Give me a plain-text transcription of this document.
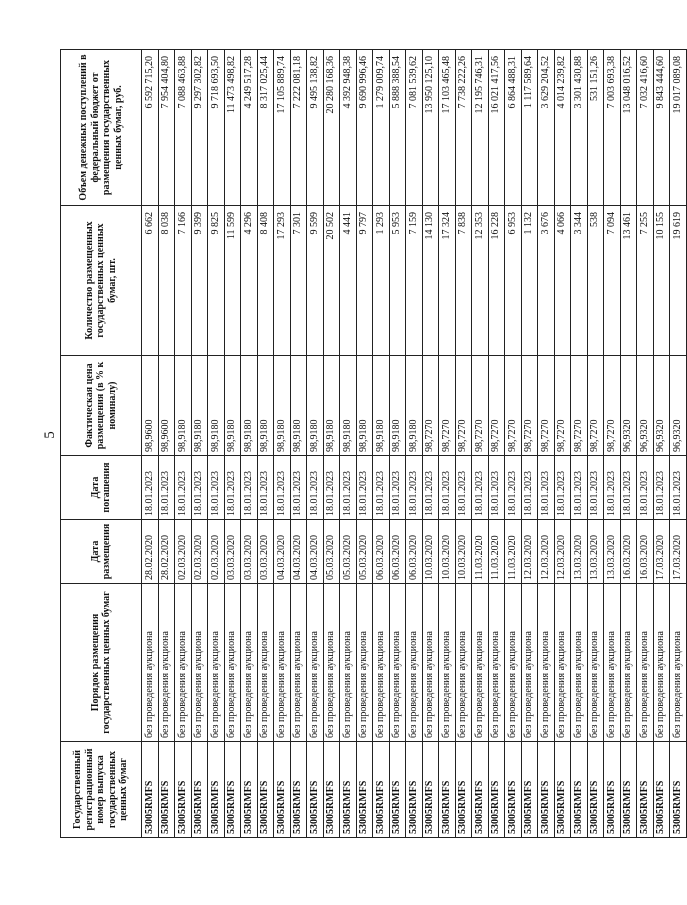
5
Государственный регистрационный номер выпуска государственных ценных бумаг	Порядок размещения государственных ценных бумаг	Дата размещения	Дата погашения	Фактическая цена размещения (в % к номиналу)	Количество размещенных государственных ценных бумаг, шт.	Объем денежных поступлений в федеральный бюджет от размещения государственных ценных бумаг, руб.
53005RMFS	без проведения аукциона	28.02.2020	18.01.2023	98,9600	6 662	6 592 715,20
53005RMFS	без проведения аукциона	28.02.2020	18.01.2023	98,9600	8 038	7 954 404,80
53005RMFS	без проведения аукциона	02.03.2020	18.01.2023	98,9180	7 166	7 088 463,88
53005RMFS	без проведения аукциона	02.03.2020	18.01.2023	98,9180	9 399	9 297 302,82
53005RMFS	без проведения аукциона	02.03.2020	18.01.2023	98,9180	9 825	9 718 693,50
53005RMFS	без проведения аукциона	03.03.2020	18.01.2023	98,9180	11 599	11 473 498,82
53005RMFS	без проведения аукциона	03.03.2020	18.01.2023	98,9180	4 296	4 249 517,28
53005RMFS	без проведения аукциона	03.03.2020	18.01.2023	98,9180	8 408	8 317 025,44
53005RMFS	без проведения аукциона	04.03.2020	18.01.2023	98,9180	17 293	17 105 889,74
53005RMFS	без проведения аукциона	04.03.2020	18.01.2023	98,9180	7 301	7 222 081,18
53005RMFS	без проведения аукциона	04.03.2020	18.01.2023	98,9180	9 599	9 495 138,82
53005RMFS	без проведения аукциона	05.03.2020	18.01.2023	98,9180	20 502	20 280 168,36
53005RMFS	без проведения аукциона	05.03.2020	18.01.2023	98,9180	4 441	4 392 948,38
53005RMFS	без проведения аукциона	05.03.2020	18.01.2023	98,9180	9 797	9 690 996,46
53005RMFS	без проведения аукциона	06.03.2020	18.01.2023	98,9180	1 293	1 279 009,74
53005RMFS	без проведения аукциона	06.03.2020	18.01.2023	98,9180	5 953	5 888 388,54
53005RMFS	без проведения аукциона	06.03.2020	18.01.2023	98,9180	7 159	7 081 539,62
53005RMFS	без проведения аукциона	10.03.2020	18.01.2023	98,7270	14 130	13 950 125,10
53005RMFS	без проведения аукциона	10.03.2020	18.01.2023	98,7270	17 324	17 103 465,48
53005RMFS	без проведения аукциона	10.03.2020	18.01.2023	98,7270	7 838	7 738 222,26
53005RMFS	без проведения аукциона	11.03.2020	18.01.2023	98,7270	12 353	12 195 746,31
53005RMFS	без проведения аукциона	11.03.2020	18.01.2023	98,7270	16 228	16 021 417,56
53005RMFS	без проведения аукциона	11.03.2020	18.01.2023	98,7270	6 953	6 864 488,31
53005RMFS	без проведения аукциона	12.03.2020	18.01.2023	98,7270	1 132	1 117 589,64
53005RMFS	без проведения аукциона	12.03.2020	18.01.2023	98,7270	3 676	3 629 204,52
53005RMFS	без проведения аукциона	12.03.2020	18.01.2023	98,7270	4 066	4 014 239,82
53005RMFS	без проведения аукциона	13.03.2020	18.01.2023	98,7270	3 344	3 301 430,88
53005RMFS	без проведения аукциона	13.03.2020	18.01.2023	98,7270	538	531 151,26
53005RMFS	без проведения аукциона	13.03.2020	18.01.2023	98,7270	7 094	7 003 693,38
53005RMFS	без проведения аукциона	16.03.2020	18.01.2023	96,9320	13 461	13 048 016,52
53005RMFS	без проведения аукциона	16.03.2020	18.01.2023	96,9320	7 255	7 032 416,60
53005RMFS	без проведения аукциона	17.03.2020	18.01.2023	96,9320	10 155	9 843 444,60
53005RMFS	без проведения аукциона	17.03.2020	18.01.2023	96,9320	19 619	19 017 089,08
